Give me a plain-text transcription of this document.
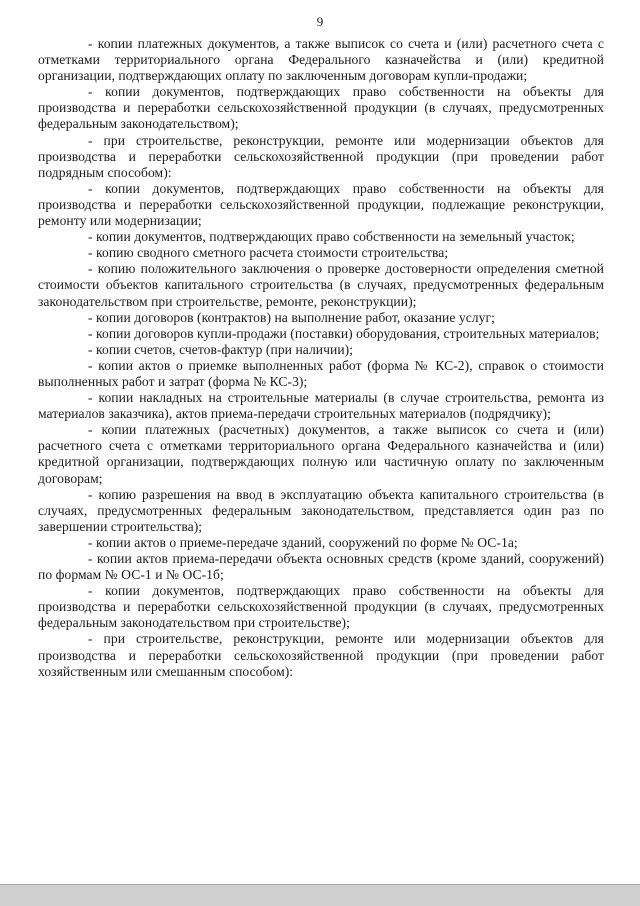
9

- копии платежных документов, а также выписок со счета и (или) расчетного счета с отметками территориального органа Федерального казначейства и (или) кредитной организации, подтверждающих оплату по заключенным договорам купли-продажи;

- копии документов, подтверждающих право собственности на объекты для производства и переработки сельскохозяйственной продукции (в случаях, предусмотренных федеральным законодательством);

- при строительстве, реконструкции, ремонте или модернизации объектов для производства и переработки сельскохозяйственной продукции (при проведении работ подрядным способом):

- копии документов, подтверждающих право собственности на объекты для производства и переработки сельскохозяйственной продукции, подлежащие реконструкции, ремонту или модернизации;

- копии документов, подтверждающих право собственности на земельный участок;

- копию сводного сметного расчета стоимости строительства;

- копию положительного заключения о проверке достоверности определения сметной стоимости объектов капитального строительства (в случаях, предусмотренных федеральным законодательством при строительстве, ремонте, реконструкции);

- копии договоров (контрактов) на выполнение работ, оказание услуг;

- копии договоров купли-продажи (поставки) оборудования, строительных материалов;

- копии счетов, счетов-фактур (при наличии);

- копии актов о приемке выполненных работ (форма № КС-2), справок о стоимости выполненных работ и затрат (форма № КС-3);

- копии накладных на строительные материалы (в случае строительства, ремонта из материалов заказчика), актов приема-передачи строительных материалов (подрядчику);

- копии платежных (расчетных) документов, а также выписок со счета и (или) расчетного счета с отметками территориального органа Федерального казначейства и (или) кредитной организации, подтверждающих полную или частичную оплату по заключенным договорам;

- копию разрешения на ввод в эксплуатацию объекта капитального строительства (в случаях, предусмотренных федеральным законодательством, представляется один раз по завершении строительства);

- копии актов о приеме-передаче зданий, сооружений по форме № ОС-1а;

- копии актов приема-передачи объекта основных средств (кроме зданий, сооружений) по формам № ОС-1 и № ОС-1б;

- копии документов, подтверждающих право собственности на объекты для производства и переработки сельскохозяйственной продукции (в случаях, предусмотренных федеральным законодательством при строительстве);

- при строительстве, реконструкции, ремонте или модернизации объектов для производства и переработки сельскохозяйственной продукции (при проведении работ хозяйственным или смешанным способом):
